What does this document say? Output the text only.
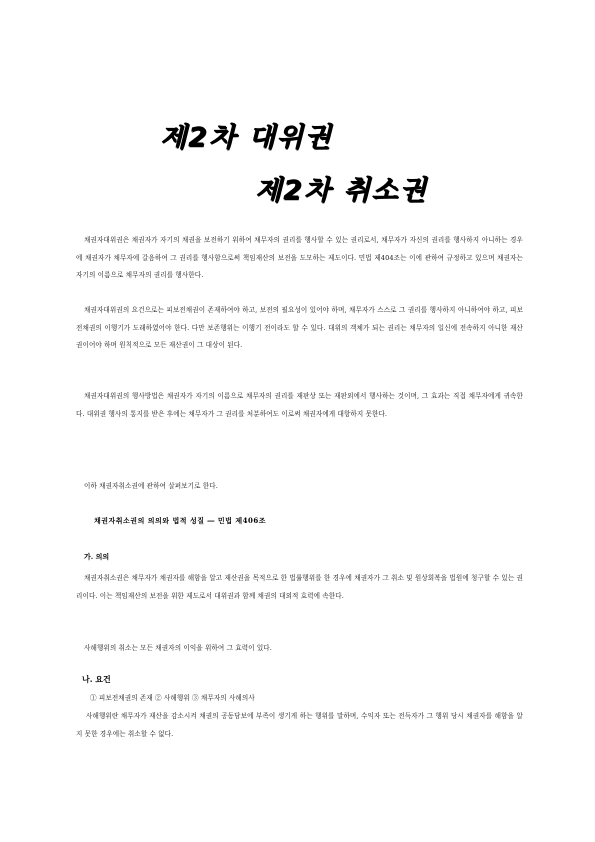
제2차 대위권
제2차 취소권
채권자대위권은 채권자가 자기의 채권을 보전하기 위하여 채무자의 권리를 행사할 수 있는 권리로서, 채무자가 자신의 권리를 행사하지 아니하는 경우에 채권자가 채무자에 갈음하여 그 권리를 행사함으로써 책임재산의 보전을 도모하는 제도이다. 민법 제404조는 이에 관하여 규정하고 있으며 채권자는 자기의 이름으로 채무자의 권리를 행사한다.
채권자대위권의 요건으로는 피보전채권이 존재하여야 하고, 보전의 필요성이 있어야 하며, 채무자가 스스로 그 권리를 행사하지 아니하여야 하고, 피보전채권의 이행기가 도래하였어야 한다. 다만 보존행위는 이행기 전이라도 할 수 있다. 대위의 객체가 되는 권리는 채무자의 일신에 전속하지 아니한 재산권이어야 하며 원칙적으로 모든 재산권이 그 대상이 된다.
채권자대위권의 행사방법은 채권자가 자기의 이름으로 채무자의 권리를 재판상 또는 재판외에서 행사하는 것이며, 그 효과는 직접 채무자에게 귀속한다. 대위권 행사의 통지를 받은 후에는 채무자가 그 권리를 처분하여도 이로써 채권자에게 대항하지 못한다.
이하 채권자취소권에 관하여 살펴보기로 한다.
채권자취소권의 의의와 법적 성질 ― 민법 제406조
가. 의의
채권자취소권은 채무자가 채권자를 해함을 알고 재산권을 목적으로 한 법률행위를 한 경우에 채권자가 그 취소 및 원상회복을 법원에 청구할 수 있는 권리이다. 이는 책임재산의 보전을 위한 제도로서 대위권과 함께 채권의 대외적 효력에 속한다.
사해행위의 취소는 모든 채권자의 이익을 위하여 그 효력이 있다.
나. 요건
① 피보전채권의 존재 ② 사해행위 ③ 채무자의 사해의사
사해행위란 채무자가 재산을 감소시켜 채권의 공동담보에 부족이 생기게 하는 행위를 말하며, 수익자 또는 전득자가 그 행위 당시 채권자를 해함을 알지 못한 경우에는 취소할 수 없다.
